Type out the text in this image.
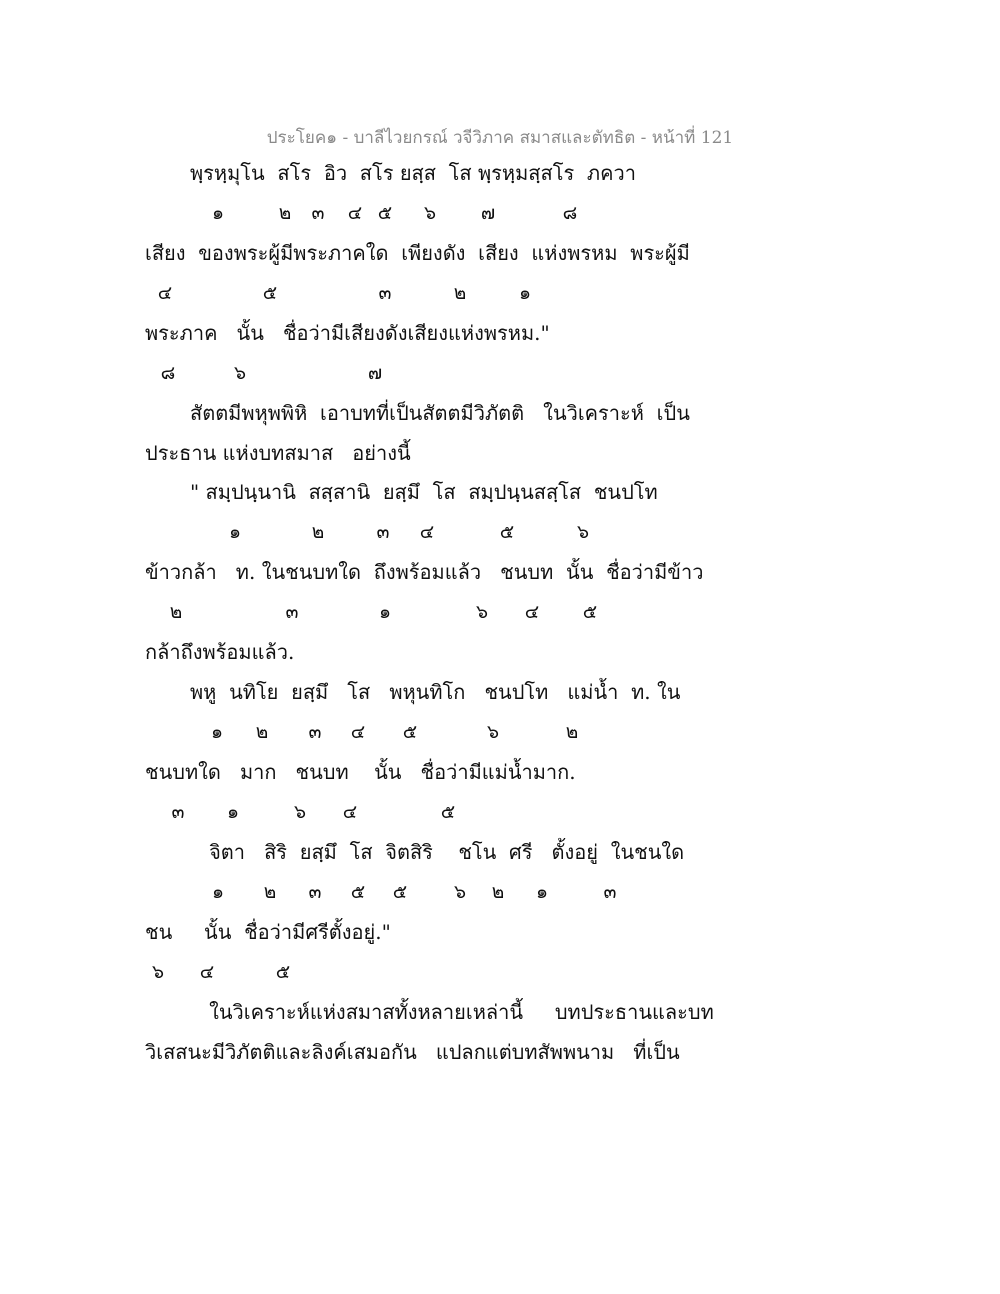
ประโยค๑ - บาลีไวยกรณ์ วจีวิภาค สมาสและตัทธิต - หน้าที่ 121
พฺรหฺมุโน  สโร  อิว  สโร ยสฺส  โส พฺรหฺมสฺสโร  ภควา
๑	๒	๓	๔ ๕	๖	๗	๘
เสียง  ของพระผู้มีพระภาคใด  เพียงดัง  เสียง  แห่งพรหม  พระผู้มี
๔	๕	๓	๒	๑
พระภาค   นั้น   ชื่อว่ามีเสียงดังเสียงแห่งพรหม."
๘	๖	๗
สัตตมีพหุพพิหิ  เอาบทที่เป็นสัตตมีวิภัตติ   ในวิเคราะห์  เป็น
ประธาน แห่งบทสมาส   อย่างนี้
" สมฺปนฺนานิ  สสฺสานิ  ยสฺมึ  โส  สมฺปนฺนสสฺโส  ชนปโท
๑	๒	๓	๔	๕	๖
ข้าวกล้า   ท. ในชนบทใด  ถึงพร้อมแล้ว   ชนบท  นั้น  ชื่อว่ามีข้าว
๒	๓	๑	๖	๔	๕
กล้าถึงพร้อมแล้ว.
พหู  นทิโย  ยสฺมึ   โส   พหุนทิโก   ชนปโท   แม่น้ำ  ท. ใน
๑	๒	๓	๔	๕	๖	๒
ชนบทใด   มาก   ชนบท    นั้น   ชื่อว่ามีแม่น้ำมาก.
๓	๑	๖	๔	๕
จิตา   สิริ  ยสฺมึ  โส  จิตสิริ    ชโน  ศรี   ตั้งอยู่  ในชนใด
๑	๒	๓	๕	๕	๖	๒	๑	๓
ชน     นั้น  ชื่อว่ามีศรีตั้งอยู่."
๖	๔	๕
ในวิเคราะห์แห่งสมาสทั้งหลายเหล่านี้     บทประธานและบท
วิเสสนะมีวิภัตติและลิงค์เสมอกัน   แปลกแต่บทสัพพนาม   ที่เป็น
